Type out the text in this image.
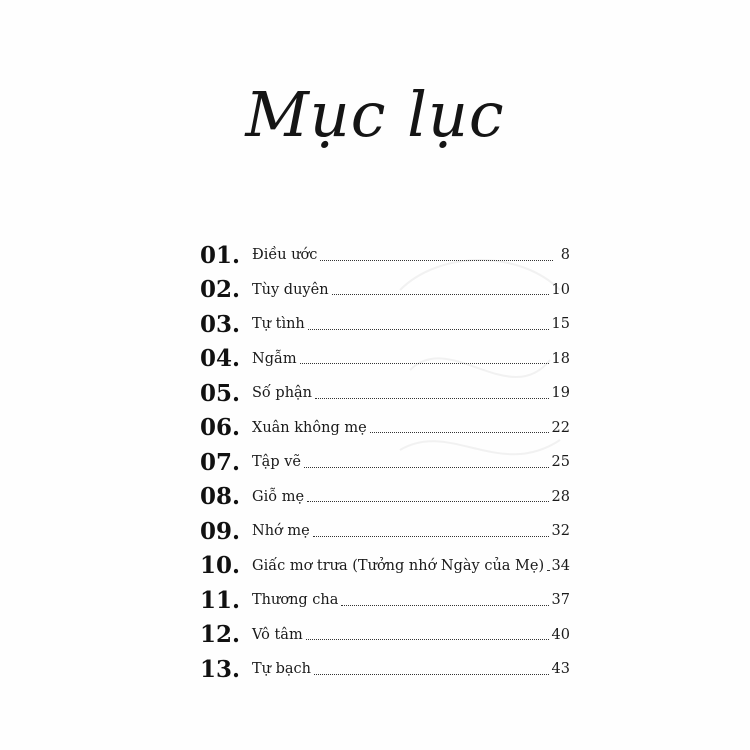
Mục lục
01. Điều ước	8
02. Tùy duyên	10
03. Tự tình	15
04. Ngẫm	18
05. Số phận	19
06. Xuân không mẹ	22
07. Tập vẽ	25
08. Giỗ mẹ	28
09. Nhớ mẹ	32
10. Giấc mơ trưa (Tưởng nhớ Ngày của Mẹ) 34
11. Thương cha	37
12. Vô tâm	40
13. Tự bạch	43
